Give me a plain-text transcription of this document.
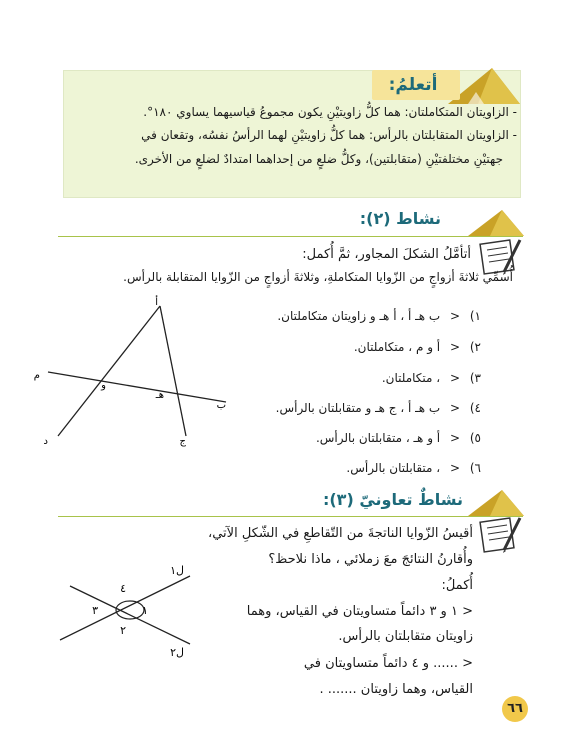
أتعلمُ:
- الزاويتان المتكاملتان: هما كلُّ زاويتيْنِ يكون مجموعُ قياسيهما يساوي ١٨٠°.
- الزاويتان المتقابلتان بالرأس: هما كلُّ زاويتيْنِ لهما الرأسُ نفسُه، وتقعان في
جهتيْنِ مختلفتيْنِ (متقابلتين)، وكلُّ ضلعٍ من إحداهما امتدادٌ لضلعٍ من الأخرى.
نشاط (٢):
أتأمَّلُ الشكلَ المجاور، ثمَّ أُكمل:
أُسمِّي ثلاثةَ أزواجٍ من الزّوايا المتكاملةِ، وثلاثةَ أزواجٍ من الزّوايا المتقابلة بالرأس.
١) < ب هـ أ ، أ هـ و زاويتان متكاملتان.
٢) < أ و م ، متكاملتان.
٣) < ، متكاملتان.
٤) < ب هـ أ ، ج هـ و متقابلتان بالرأس.
٥) < أ و هـ ، متقابلتان بالرأس.
٦) < ، متقابلتان بالرأس.
أ
م
و
هـ
ب
د	ج
نشاطٌ تعاونيّ (٣):
أقيسُ الزّوايا الناتجةَ من التّقاطعِ في الشّكلِ الآتي،
وأُقارنُ النتائجَ معَ زملائي ، ماذا نلاحظ؟
أُكملُ:
< ١ و ٣ دائماً متساويتان في القياس، وهما
زاويتان متقابلتان بالرأس.
< ...... و ٤ دائماً متساويتان في
القياس، وهما زاويتان ....... .
ل١
ل٢
١
٢
٣
٤
٦٦
